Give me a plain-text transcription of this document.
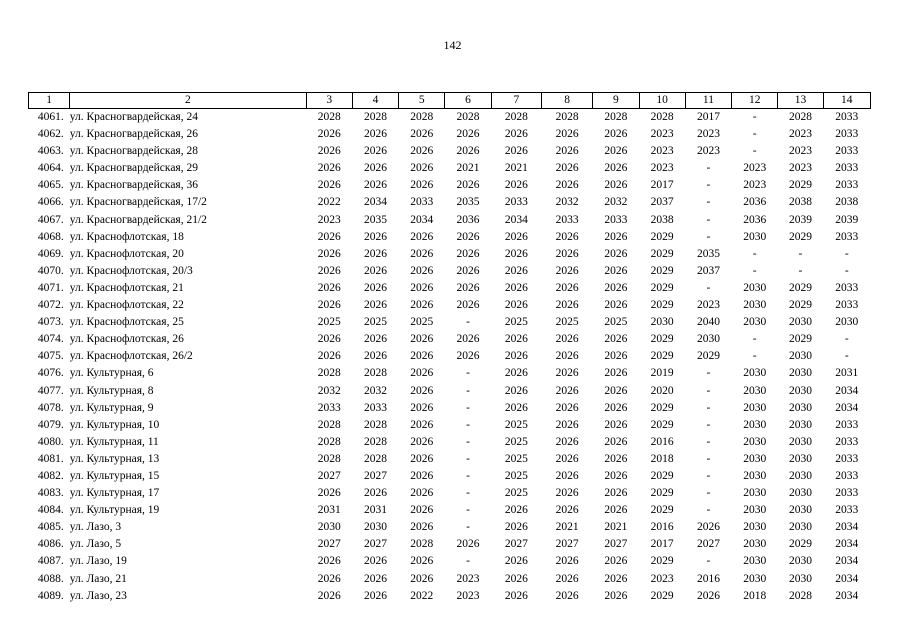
142
1	2	3	4	5	6	7	8	9	10	11	12	13	14
4061.	ул. Красногвардейская, 24	2028	2028	2028	2028	2028	2028	2028	2028	2017	-	2028	2033
4062.	ул. Красногвардейская, 26	2026	2026	2026	2026	2026	2026	2026	2023	2023	-	2023	2033
4063.	ул. Красногвардейская, 28	2026	2026	2026	2026	2026	2026	2026	2023	2023	-	2023	2033
4064.	ул. Красногвардейская, 29	2026	2026	2026	2021	2021	2026	2026	2023	-	2023	2023	2033
4065.	ул. Красногвардейская, 36	2026	2026	2026	2026	2026	2026	2026	2017	-	2023	2029	2033
4066.	ул. Красногвардейская, 17/2	2022	2034	2033	2035	2033	2032	2032	2037	-	2036	2038	2038
4067.	ул. Красногвардейская, 21/2	2023	2035	2034	2036	2034	2033	2033	2038	-	2036	2039	2039
4068.	ул. Краснофлотская, 18	2026	2026	2026	2026	2026	2026	2026	2029	-	2030	2029	2033
4069.	ул. Краснофлотская, 20	2026	2026	2026	2026	2026	2026	2026	2029	2035	-	-	-
4070.	ул. Краснофлотская, 20/3	2026	2026	2026	2026	2026	2026	2026	2029	2037	-	-	-
4071.	ул. Краснофлотская, 21	2026	2026	2026	2026	2026	2026	2026	2029	-	2030	2029	2033
4072.	ул. Краснофлотская, 22	2026	2026	2026	2026	2026	2026	2026	2029	2023	2030	2029	2033
4073.	ул. Краснофлотская, 25	2025	2025	2025	-	2025	2025	2025	2030	2040	2030	2030	2030
4074.	ул. Краснофлотская, 26	2026	2026	2026	2026	2026	2026	2026	2029	2030	-	2029	-
4075.	ул. Краснофлотская, 26/2	2026	2026	2026	2026	2026	2026	2026	2029	2029	-	2030	-
4076.	ул. Культурная, 6	2028	2028	2026	-	2026	2026	2026	2019	-	2030	2030	2031
4077.	ул. Культурная, 8	2032	2032	2026	-	2026	2026	2026	2020	-	2030	2030	2034
4078.	ул. Культурная, 9	2033	2033	2026	-	2026	2026	2026	2029	-	2030	2030	2034
4079.	ул. Культурная, 10	2028	2028	2026	-	2025	2026	2026	2029	-	2030	2030	2033
4080.	ул. Культурная, 11	2028	2028	2026	-	2025	2026	2026	2016	-	2030	2030	2033
4081.	ул. Культурная, 13	2028	2028	2026	-	2025	2026	2026	2018	-	2030	2030	2033
4082.	ул. Культурная, 15	2027	2027	2026	-	2025	2026	2026	2029	-	2030	2030	2033
4083.	ул. Культурная, 17	2026	2026	2026	-	2025	2026	2026	2029	-	2030	2030	2033
4084.	ул. Культурная, 19	2031	2031	2026	-	2026	2026	2026	2029	-	2030	2030	2033
4085.	ул. Лазо, 3	2030	2030	2026	-	2026	2021	2021	2016	2026	2030	2030	2034
4086.	ул. Лазо, 5	2027	2027	2028	2026	2027	2027	2027	2017	2027	2030	2029	2034
4087.	ул. Лазо, 19	2026	2026	2026	-	2026	2026	2026	2029	-	2030	2030	2034
4088.	ул. Лазо, 21	2026	2026	2026	2023	2026	2026	2026	2023	2016	2030	2030	2034
4089.	ул. Лазо, 23	2026	2026	2022	2023	2026	2026	2026	2029	2026	2018	2028	2034
